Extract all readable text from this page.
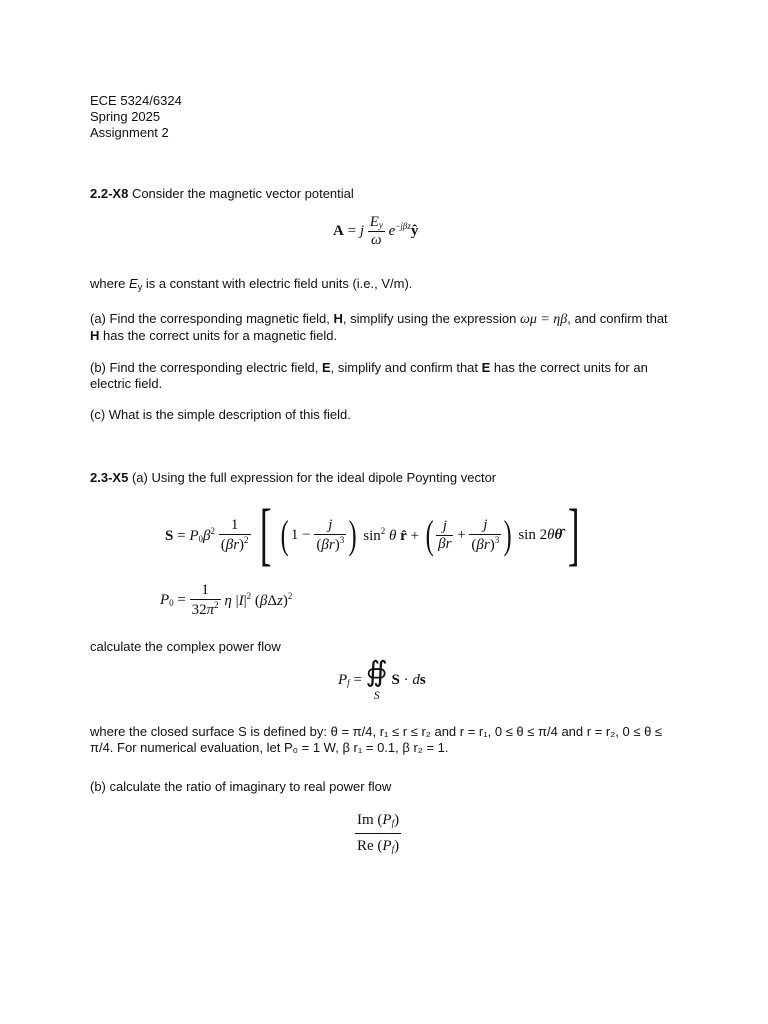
ECE 5324/6324
Spring 2025
Assignment 2
2.2-X8 Consider the magnetic vector potential
A = j $\frac{E_y}{\omega}$ $e^{-j\beta z}ŷ$
where $E_y$ is a constant with electric field units (i.e., V/m).
(a) Find the corresponding magnetic field, H, simplify using the expression ωμ = ηβ, and confirm that H has the correct units for a magnetic field.
(b) Find the corresponding electric field, E, simplify and confirm that E has the correct units for an electric field.
(c) What is the simple description of this field.
2.3-X5 (a) Using the full expression for the ideal dipole Poynting vector
$S = P_0\beta^2 \frac{1}{(\beta r)^2}$ [ ( $1 - \frac{j}{(\beta r)^3}$ ) $\sin^2 \theta$ r̂ + ( $\frac{j}{\beta r} + \frac{j}{(\beta r)^3}$ ) sin 2θθ̂]
$P_0 = \frac{1}{32\pi^2}$ η $|I|^2$ $(\beta\Delta z)^2$
calculate the complex power flow
$P_f$ = ∯
S
S · ds
where the closed surface S is defined by: θ = π/4, r₁ ≤ r ≤ r₂ and r = r₁, 0 ≤ θ ≤ π/4 and r = r₂, 0 ≤ θ ≤ π/4. For numerical evaluation, let P₀ = 1 W, β r₁ = 0.1, β r₂ = 1.
(b) calculate the ratio of imaginary to real power flow
$\frac{Im (P_f)}{Re (P_f)}$
